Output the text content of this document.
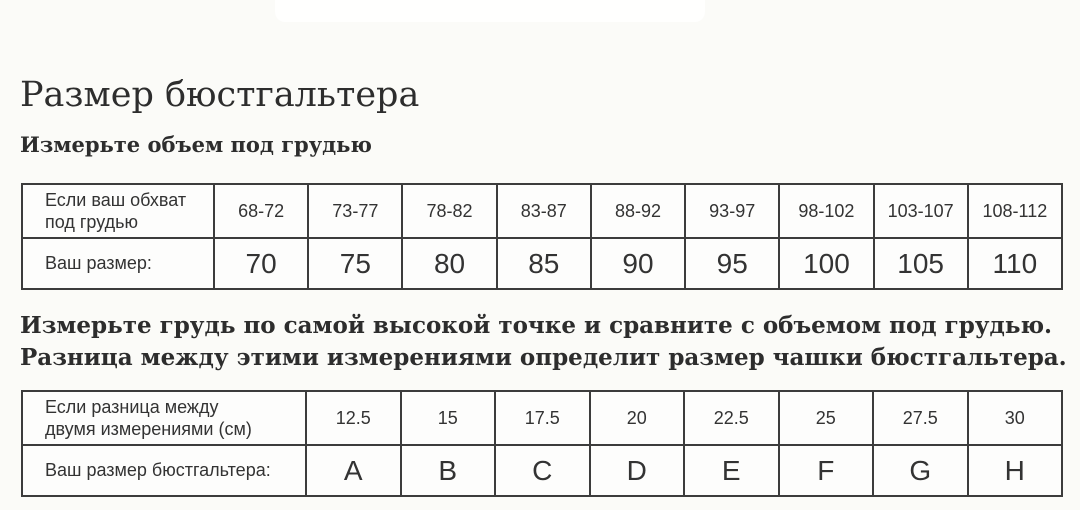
Размер бюстгальтера
Измерьте объем под грудью
Если ваш обхват
под грудью	68-72	73-77	78-82	83-87	88-92	93-97	98-102	103-107	108-112
Ваш размер:	70	75	80	85	90	95	100	105	110
Измерьте грудь по самой высокой точке и сравните с объемом под грудью.
Разница между этими измерениями определит размер чашки бюстгальтера.
Если разница между
двумя измерениями (см)	12.5	15	17.5	20	22.5	25	27.5	30
Ваш размер бюстгальтера:	A	B	C	D	E	F	G	H
